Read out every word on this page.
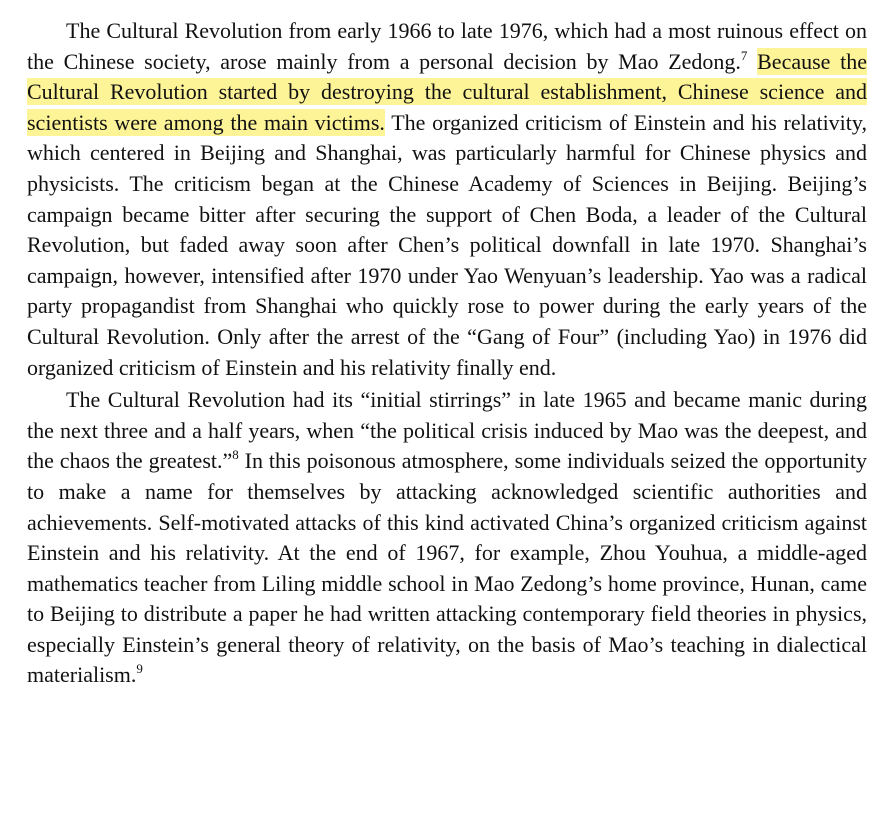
The Cultural Revolution from early 1966 to late 1976, which had a most ruinous effect on the Chinese society, arose mainly from a personal decision by Mao Zedong.$^7$ Because the Cultural Revolution started by destroying the cultural establishment, Chinese science and scientists were among the main victims. The organized criticism of Einstein and his relativity, which centered in Beijing and Shanghai, was particularly harmful for Chinese physics and physicists. The criticism began at the Chinese Academy of Sciences in Beijing. Beijing’s campaign became bitter after securing the support of Chen Boda, a leader of the Cultural Revolution, but faded away soon after Chen’s political downfall in late 1970. Shanghai’s campaign, however, intensified after 1970 under Yao Wenyuan’s leadership. Yao was a radical party propagandist from Shanghai who quickly rose to power during the early years of the Cultural Revolution. Only after the arrest of the “Gang of Four” (including Yao) in 1976 did organized criticism of Einstein and his relativity finally end.

The Cultural Revolution had its “initial stirrings” in late 1965 and became manic during the next three and a half years, when “the political crisis induced by Mao was the deepest, and the chaos the greatest.”$^8$ In this poisonous atmosphere, some individuals seized the opportunity to make a name for themselves by attacking acknowledged scientific authorities and achievements. Self-motivated attacks of this kind activated China’s organized criticism against Einstein and his relativity. At the end of 1967, for example, Zhou Youhua, a middle-aged mathematics teacher from Liling middle school in Mao Zedong’s home province, Hunan, came to Beijing to distribute a paper he had written attacking contemporary field theories in physics, especially Einstein’s general theory of relativity, on the basis of Mao’s teaching in dialectical materialism.$^9$
